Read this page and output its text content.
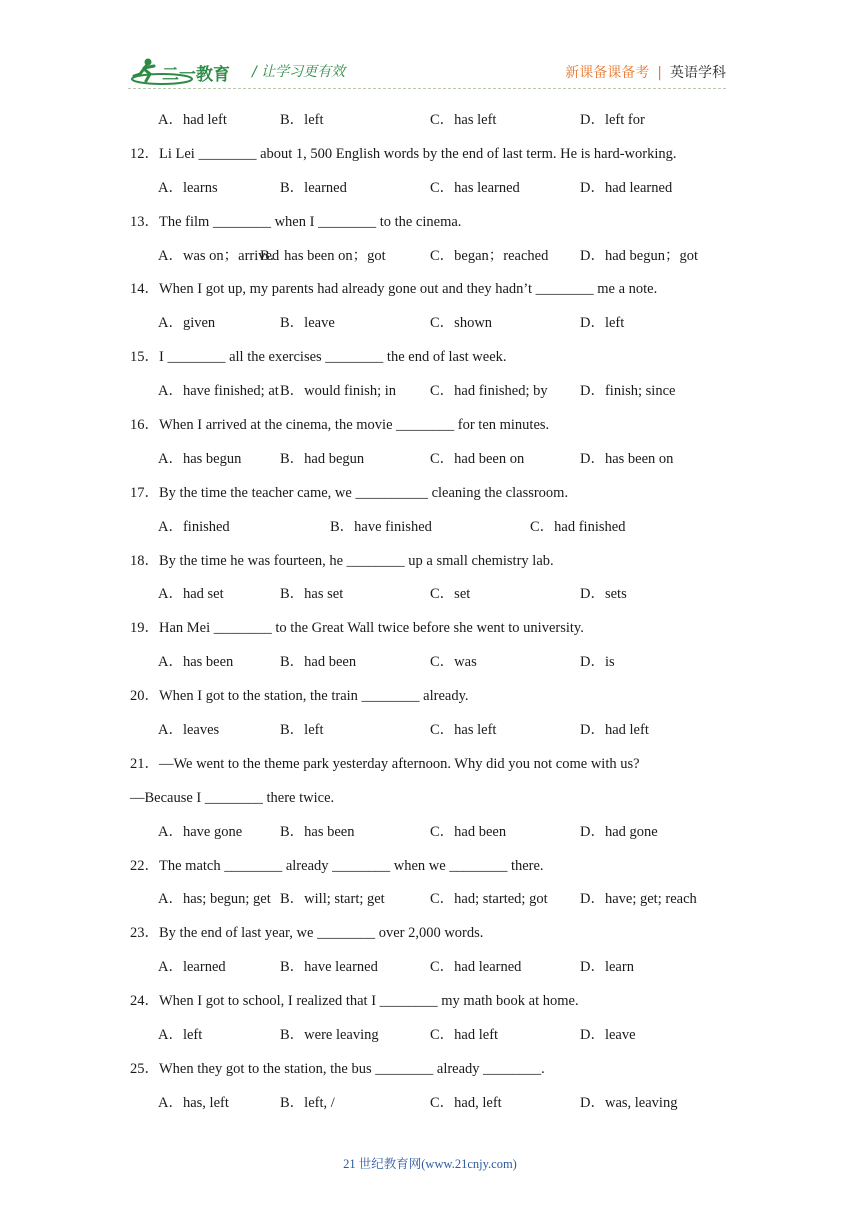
二一教育 / 让学习更有效	新课备课备考 | 英语学科
A．had left	B．left	C．has left	D．left for
12．Li Lei ________ about 1, 500 English words by the end of last term. He is hard-working.
A．learns	B．learned	C．has learned	D．had learned
13．The film ________ when I ________ to the cinema.
A．was on；arrived
B．has been on；got	C．began；reached D．had begun；got
14．When I got up, my parents had already gone out and they hadn’t ________ me a note.
A．given	B．leave	C．shown	D．left
15．I ________ all the exercises ________ the end of last week.
A．have finished; at B．would finish; in C．had finished; by D．finish; since
16．When I arrived at the cinema, the movie ________ for ten minutes.
A．has begun	B．had begun	C．had been on	D．has been on
17．By the time the teacher came, we __________ cleaning the classroom.
A．finished	B．have finished	C．had finished
18．By the time he was fourteen, he ________ up a small chemistry lab.
A．had set	B．has set	C．set	D．sets
19．Han Mei ________ to the Great Wall twice before she went to university.
A．has been	B．had been	C．was	D．is
20．When I got to the station, the train ________ already.
A．leaves	B．left	C．has left	D．had left
21．—We went to the theme park yesterday afternoon. Why did you not come with us?
—Because I ________ there twice.
A．have gone	B．has been	C．had been	D．had gone
22．The match ________ already ________ when we ________ there.
A．has; begun; get B．will; start; get	C．had; started; got D．have; get; reach
23．By the end of last year, we ________ over 2,000 words.
A．learned	B．have learned	C．had learned	D．learn
24．When I got to school, I realized that I ________ my math book at home.
A．left	B．were leaving	C．had left	D．leave
25．When they got to the station, the bus ________ already ________.
A．has, left	B．left, /	C．had, left	D．was, leaving
21 世纪教育网(www.21cnjy.com)
